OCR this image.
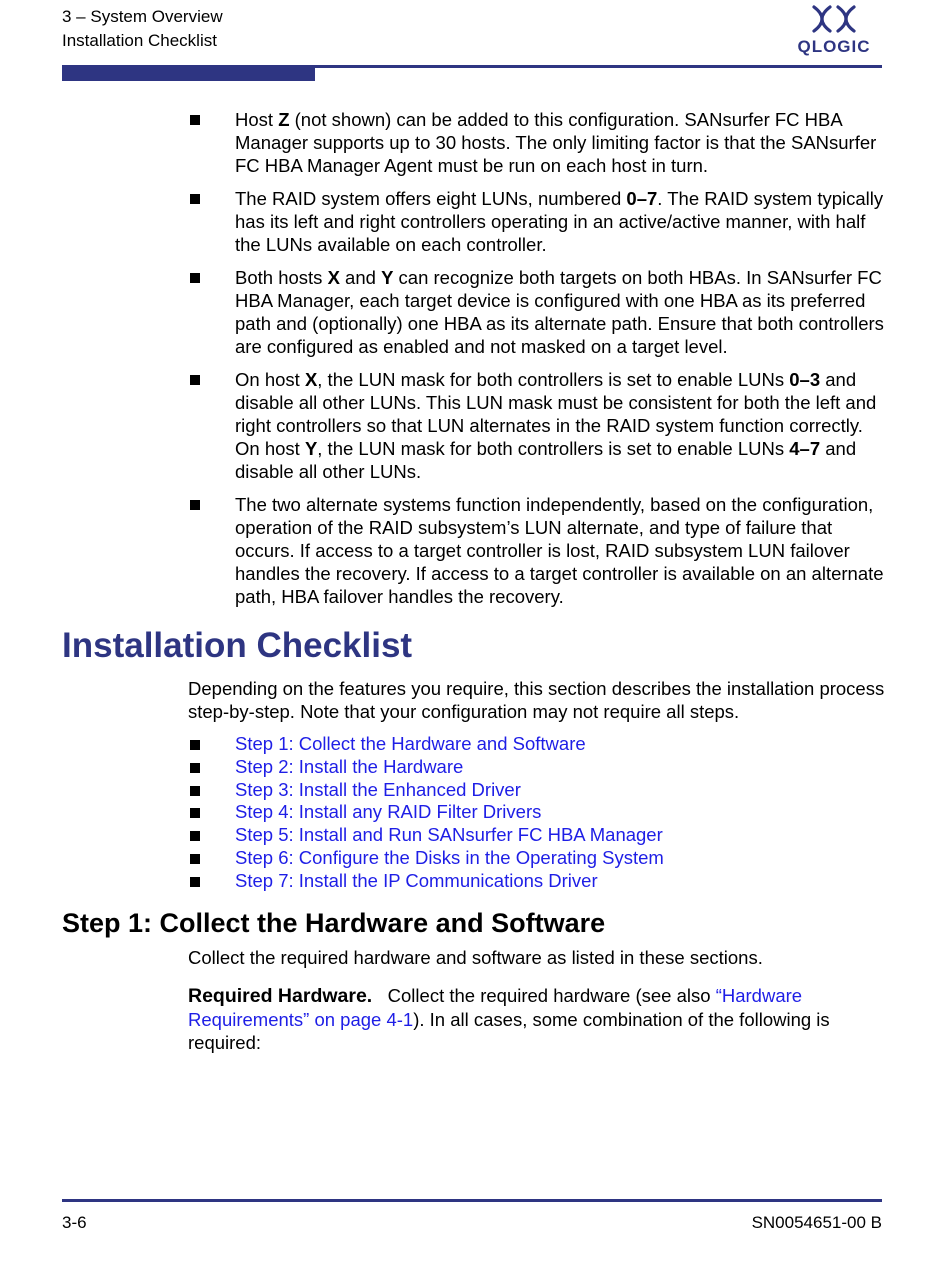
3 – System Overview
Installation Checklist	QLOGIC
Host Z (not shown) can be added to this configuration. SANsurfer FC HBA Manager supports up to 30 hosts. The only limiting factor is that the SANsurfer FC HBA Manager Agent must be run on each host in turn.
The RAID system offers eight LUNs, numbered 0–7. The RAID system typically has its left and right controllers operating in an active/active manner, with half the LUNs available on each controller.
Both hosts X and Y can recognize both targets on both HBAs. In SANsurfer FC HBA Manager, each target device is configured with one HBA as its preferred path and (optionally) one HBA as its alternate path. Ensure that both controllers are configured as enabled and not masked on a target level.
On host X, the LUN mask for both controllers is set to enable LUNs 0–3 and disable all other LUNs. This LUN mask must be consistent for both the left and right controllers so that LUN alternates in the RAID system function correctly. On host Y, the LUN mask for both controllers is set to enable LUNs 4–7 and disable all other LUNs.
The two alternate systems function independently, based on the configuration, operation of the RAID subsystem’s LUN alternate, and type of failure that occurs. If access to a target controller is lost, RAID subsystem LUN failover handles the recovery. If access to a target controller is available on an alternate path, HBA failover handles the recovery.
Installation Checklist

Depending on the features you require, this section describes the installation process step-by-step. Note that your configuration may not require all steps.

Step 1: Collect the Hardware and Software
Step 2: Install the Hardware
Step 3: Install the Enhanced Driver
Step 4: Install any RAID Filter Drivers
Step 5: Install and Run SANsurfer FC HBA Manager
Step 6: Configure the Disks in the Operating System
Step 7: Install the IP Communications Driver
Step 1: Collect the Hardware and Software

Collect the required hardware and software as listed in these sections.

Required Hardware. Collect the required hardware (see also “Hardware Requirements” on page 4-1). In all cases, some combination of the following is required:

3-6	SN0054651-00 B
